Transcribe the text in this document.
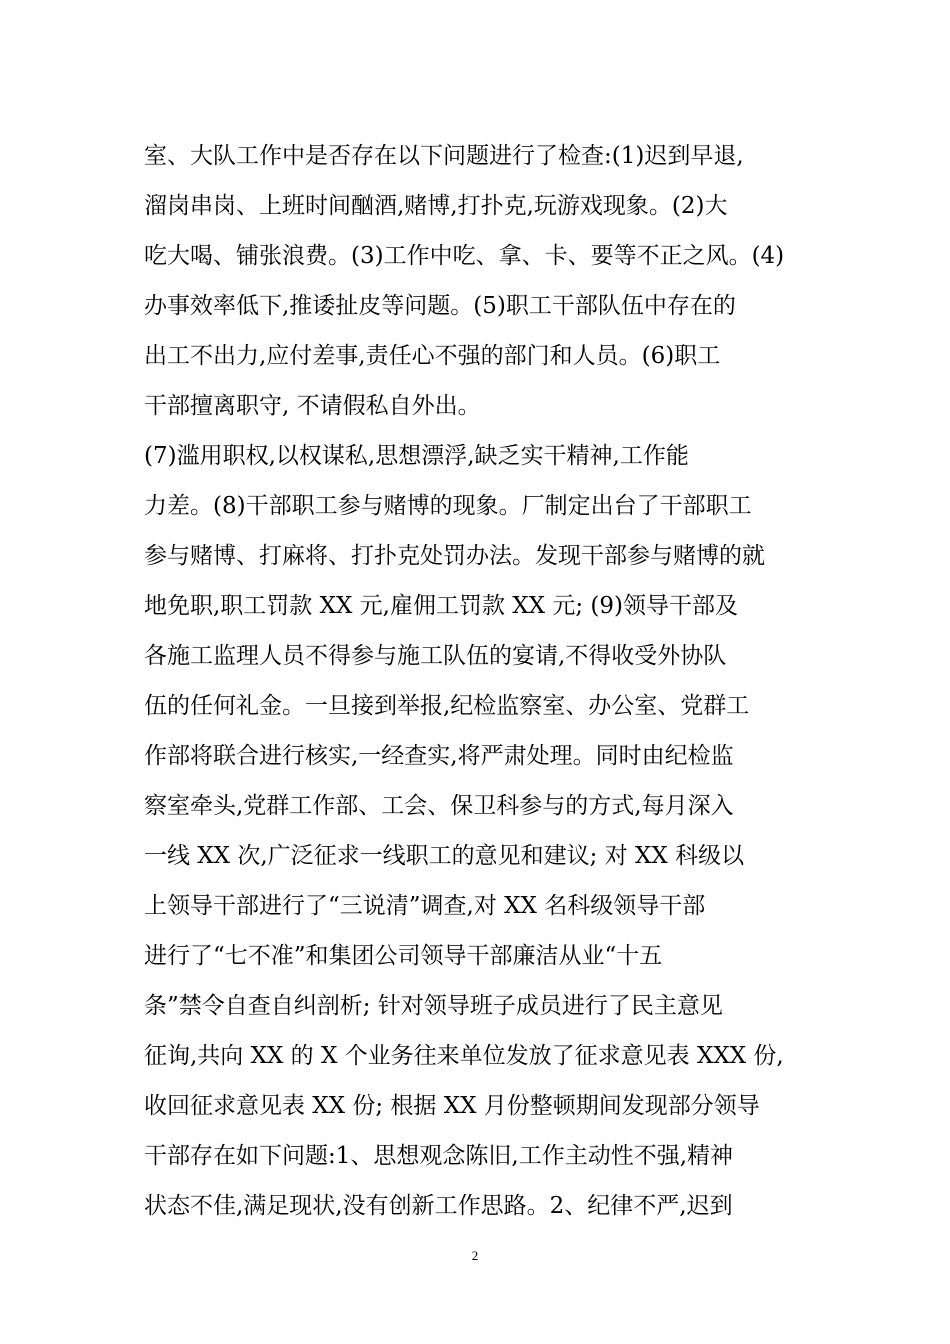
室、大队工作中是否存在以下问题进行了检查:(1)迟到早退,
溜岗串岗、上班时间酗酒,赌博,打扑克,玩游戏现象。(2)大
吃大喝、铺张浪费。(3)工作中吃、拿、卡、要等不正之风。(4)
办事效率低下,推诿扯皮等问题。(5)职工干部队伍中存在的
出工不出力,应付差事,责任心不强的部门和人员。(6)职工
干部擅离职守, 不请假私自外出。
(7)滥用职权,以权谋私,思想漂浮,缺乏实干精神,工作能
力差。(8)干部职工参与赌博的现象。厂制定出台了干部职工
参与赌博、打麻将、打扑克处罚办法。发现干部参与赌博的就
地免职,职工罚款 XX 元,雇佣工罚款 XX 元; (9)领导干部及
各施工监理人员不得参与施工队伍的宴请,不得收受外协队
伍的任何礼金。一旦接到举报,纪检监察室、办公室、党群工
作部将联合进行核实,一经查实,将严肃处理。同时由纪检监
察室牵头,党群工作部、工会、保卫科参与的方式,每月深入
一线 XX 次,广泛征求一线职工的意见和建议; 对 XX 科级以
上领导干部进行了“三说清”调查,对 XX 名科级领导干部
进行了“七不准”和集团公司领导干部廉洁从业“十五
条”禁令自查自纠剖析; 针对领导班子成员进行了民主意见
征询,共向 XX 的 X 个业务往来单位发放了征求意见表 XXX 份,
收回征求意见表 XX 份; 根据 XX 月份整顿期间发现部分领导
干部存在如下问题:1、思想观念陈旧,工作主动性不强,精神
状态不佳,满足现状,没有创新工作思路。2、纪律不严,迟到
2
